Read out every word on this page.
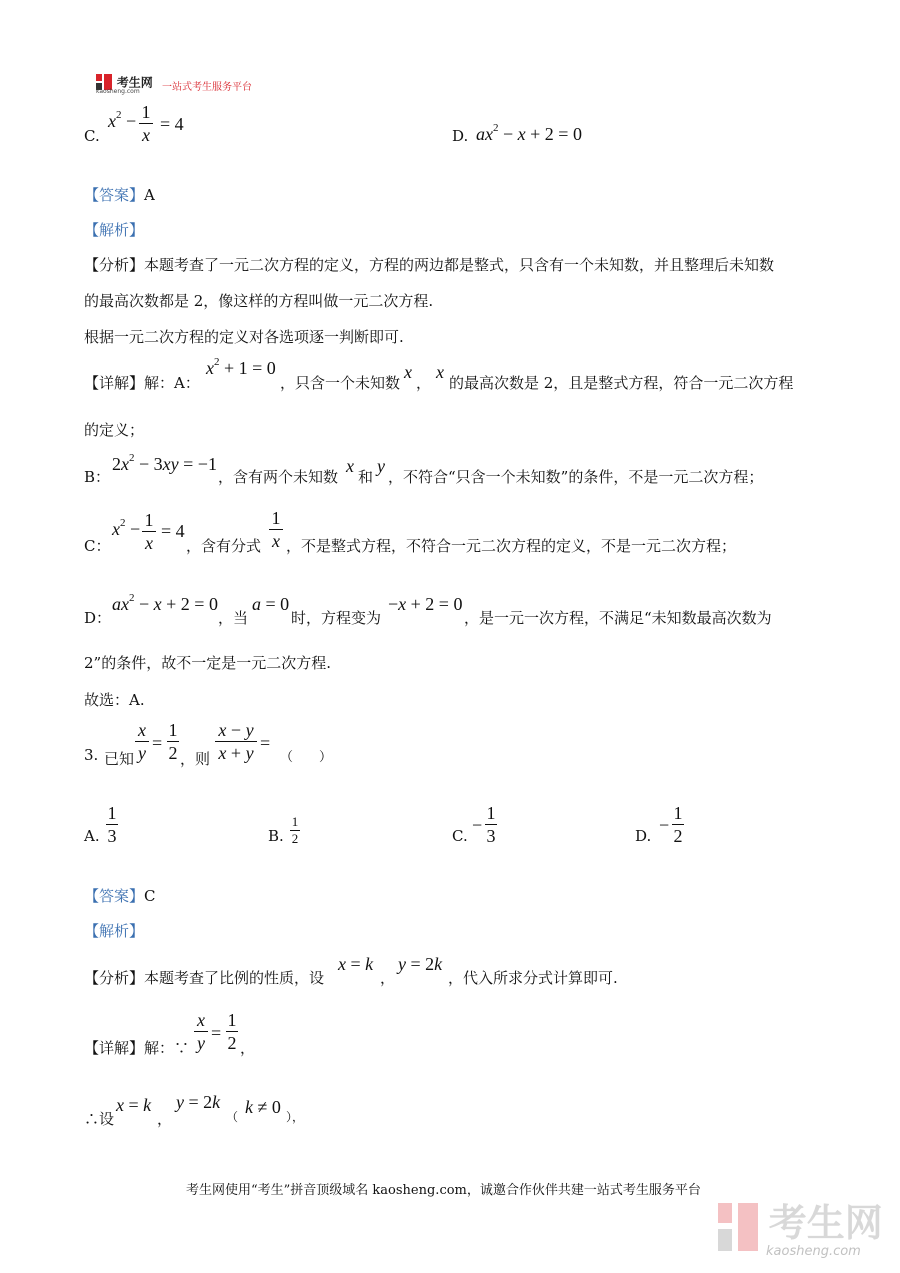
考生网
kaosheng.com 一站式考生服务平台
C.
$x^2 - 1$
x
= 4
D. $ax^2 - x + 2 = 0$
【答案】A
【解析】
【分析】本题考查了一元二次方程的定义，方程的两边都是整式，只含有一个未知数，并且整理后未知数
的最高次数都是 2，像这样的方程叫做一元二次方程.
根据一元二次方程的定义对各选项逐一判断即可.
【详解】解：A：
$x^2 + 1 = 0$
，只含一个未知数
x
，
x
的最高次数是 2，且是整式方程，符合一元二次方程
的定义；
B：
$2x^2 - 3xy = -1$
，含有两个未知数
x
和
y
，不符合“只含一个未知数”的条件，不是一元二次方程；
C：
$x^2 - 1$
x
= 4
，含有分式
1
x ，不是整式方程，不符合一元二次方程的定义，不是一元二次方程；
D：
$ax^2 - x + 2 = 0$
，当
a = 0
时，方程变为
−x + 2 = 0
，是一元一次方程，不满足“未知数最高次数为
2”的条件，故不一定是一元二次方程.
故选：A.
3. 已知
x
y =
1
2 ，则
x − y
x + y =
（　　）
A.
1
3	B.
1
2	C.
−
1
3	D.
−
1
2
【答案】C
【解析】
【分析】本题考查了比例的性质，设
x = k
，
y = 2k
，代入所求分式计算即可.
【详解】解：∵
x
y =
1
2 ，
∴设
x = k
，
y = 2k
（ k ≠ 0 ），
考生网使用“考生”拼音顶级域名 kaosheng.com，诚邀合作伙伴共建一站式考生服务平台
考生网
kaosheng.com
